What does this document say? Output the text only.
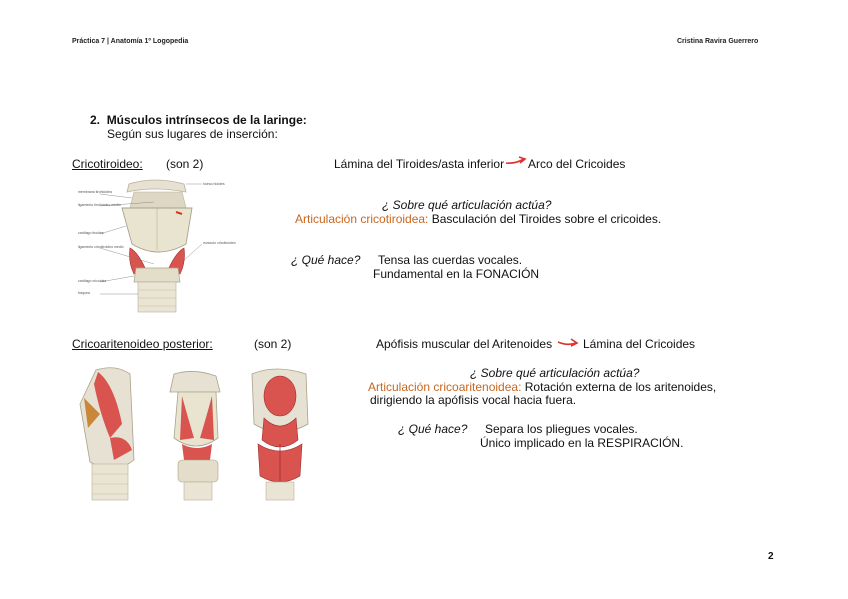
Práctica 7 | Anatomía 1º Logopedia	Cristina Ravira Guerrero
2. Músculos intrínsecos de la laringe:
Según sus lugares de inserción:
Cricotiroideo: (son 2)	Lámina del Tiroides/asta inferior Arco del Cricoides
hueso hioides
membrana tirohioidea
ligamento tirohioideo medio
cartílago tiroides
ligamento cricotiroideo medio
músculo cricotiroideo
cartílago cricoides
tráquea
¿ Sobre qué articulación actúa?
Articulación cricotiroidea: Basculación del Tiroides sobre el cricoides.
¿ Qué hace? Tensa las cuerdas vocales.
Fundamental en la FONACIÓN
Cricoaritenoideo posterior:	(son 2)	Apófisis muscular del Aritenoides	Lámina del Cricoides
¿ Sobre qué articulación actúa?
Articulación cricoaritenoidea: Rotación externa de los aritenoides,
dirigiendo la apófisis vocal hacia fuera.
¿ Qué hace? Separa los pliegues vocales.
Único implicado en la RESPIRACIÓN.
2
